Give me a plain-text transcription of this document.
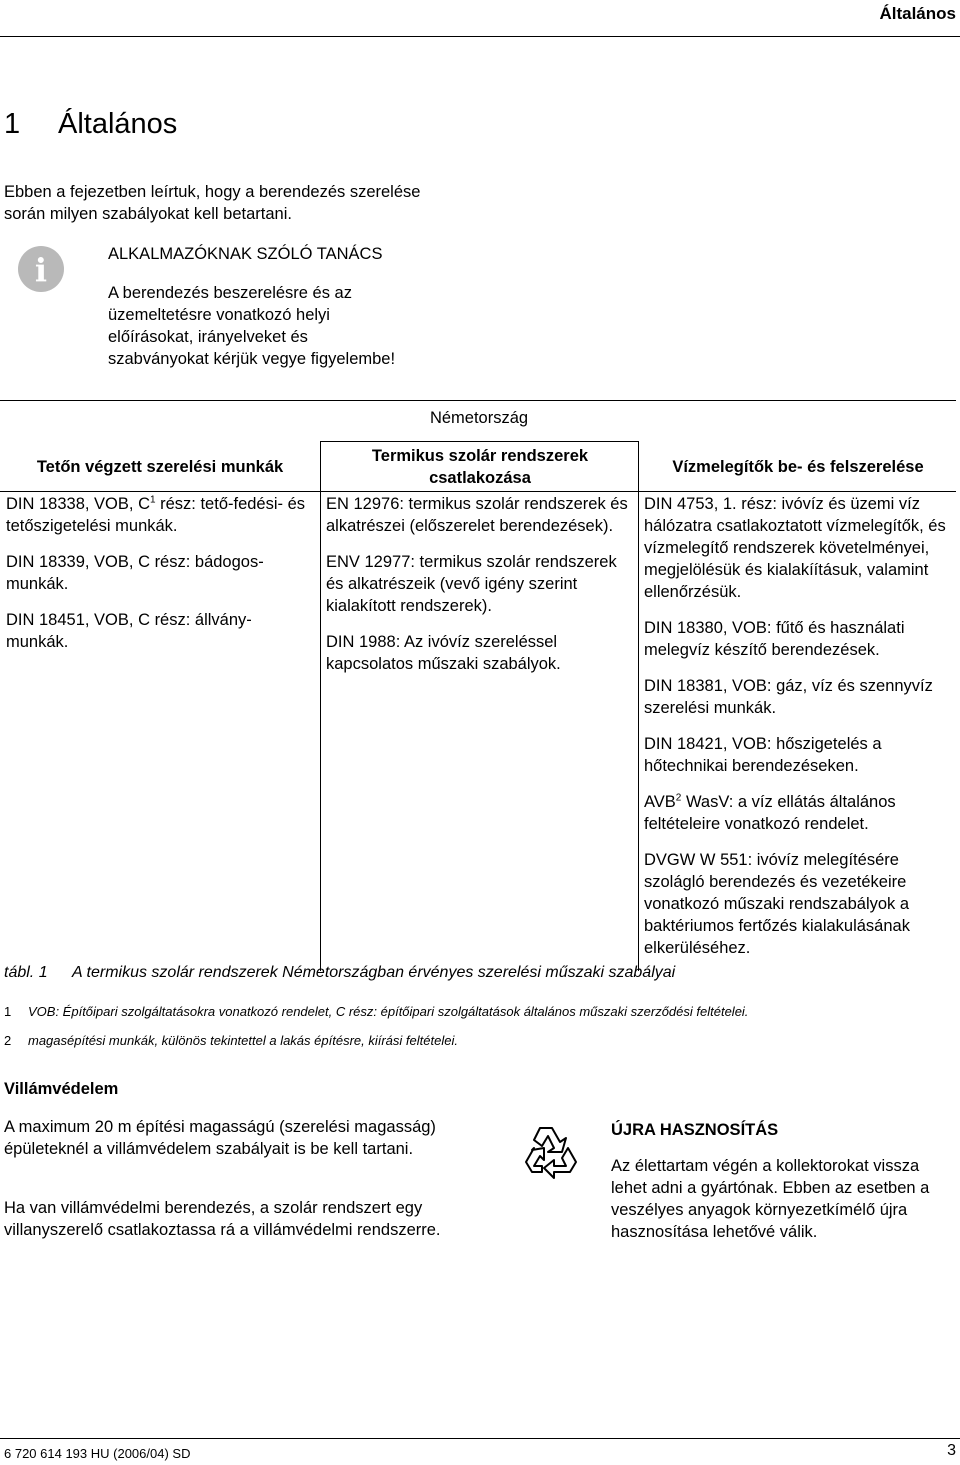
Általános
1 Általános
Ebben a fejezetben leírtuk, hogy a berendezés szerelése során milyen szabályokat kell betartani.
i	ALKALMAZÓKNAK SZÓLÓ TANÁCS
A berendezés beszerelésre és az üzemeltetésre vonatkozó helyi előírásokat, irányelveket és szabványokat kérjük vegye figyelembe!
Németország
Tetőn végzett szerelési munkák
Termikus szolár rendszerek csatlakozása
Vízmelegítők be- és felszerelése

DIN 18338, VOB, $C^1$ rész: tető-fedési- és tetőszigetelési munkák.

DIN 18339, VOB, C rész: bádogos-munkák.

DIN 18451, VOB, C rész: állvány-munkák.

EN 12976: termikus szolár rendszerek és alkatrészei (előszerelet berendezések).

ENV 12977: termikus szolár rendszerek és alkatrészeik (vevő igény szerint kialakított rendszerek).

DIN 1988: Az ivóvíz szereléssel kapcsolatos műszaki szabályok.

DIN 4753, 1. rész: ivóvíz és üzemi víz hálózatra csatlakoztatott vízmelegítők, és vízmelegítő rendszerek követelményei, megjelölésük és kialakíításuk, valamint ellenőrzésük.

DIN 18380, VOB: fűtő és használati melegvíz készítő berendezések.

DIN 18381, VOB: gáz, víz és szennyvíz szerelési munkák.

DIN 18421, VOB: hőszigetelés a hőtechnikai berendezéseken.

AVB$^2$ WasV: a víz ellátás általános feltételeire vonatkozó rendelet.

DVGW W 551: ivóvíz melegítésére szolágló berendezés és vezetékeire vonatkozó műszaki rendszabályok a baktériumos fertőzés kialakulásának elkerüléséhez.

tábl. 1 A termikus szolár rendszerek Németországban érvényes szerelési műszaki szabályai
1 VOB: Építőipari szolgáltatásokra vonatkozó rendelet, C rész: építőipari szolgáltatások általános műszaki szerződési feltételei.
2 magasépítési munkák, különös tekintettel a lakás építésre, kiírási feltételei.
Villámvédelem
A maximum 20 m építési magasságú (szerelési magasság) épületeknél a villámvédelem szabályait is be kell tartani.
Ha van villámvédelmi berendezés, a szolár rendszert egy villanyszerelő csatlakoztassa rá a villámvédelmi rendszerre.
ÚJRA HASZNOSÍTÁS
Az élettartam végén a kollektorokat vissza lehet adni a gyártónak. Ebben az esetben a veszélyes anyagok környezetkímélő újra hasznosítása lehetővé válik.
6 720 614 193 HU (2006/04) SD	3
